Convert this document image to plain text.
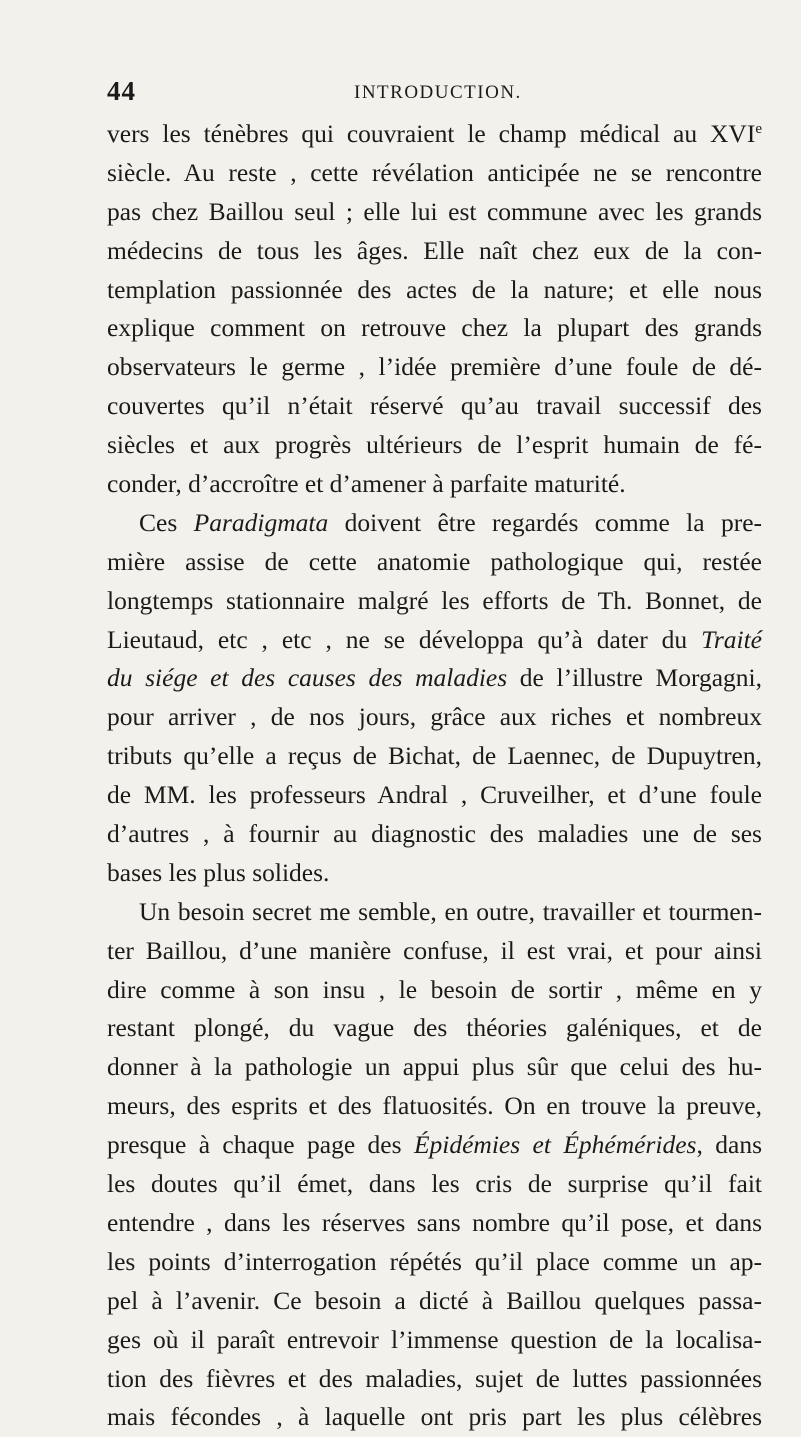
44	INTRODUCTION.
vers les ténèbres qui couvraient le champ médical au XVIe
siècle. Au reste , cette révélation anticipée ne se rencontre
pas chez Baillou seul ; elle lui est commune avec les grands
médecins de tous les âges. Elle naît chez eux de la con-
templation passionnée des actes de la nature; et elle nous
explique comment on retrouve chez la plupart des grands
observateurs le germe , l’idée première d’une foule de dé-
couvertes qu’il n’était réservé qu’au travail successif des
siècles et aux progrès ultérieurs de l’esprit humain de fé-
conder, d’accroître et d’amener à parfaite maturité.
Ces Paradigmata doivent être regardés comme la pre-
mière assise de cette anatomie pathologique qui, restée
longtemps stationnaire malgré les efforts de Th. Bonnet, de
Lieutaud, etc , etc , ne se développa qu’à dater du Traité
du siége et des causes des maladies de l’illustre Morgagni,
pour arriver , de nos jours, grâce aux riches et nombreux
tributs qu’elle a reçus de Bichat, de Laennec, de Dupuytren,
de MM. les professeurs Andral , Cruveilher, et d’une foule
d’autres , à fournir au diagnostic des maladies une de ses
bases les plus solides.
Un besoin secret me semble, en outre, travailler et tourmen-
ter Baillou, d’une manière confuse, il est vrai, et pour ainsi
dire comme à son insu , le besoin de sortir , même en y
restant plongé, du vague des théories galéniques, et de
donner à la pathologie un appui plus sûr que celui des hu-
meurs, des esprits et des flatuosités. On en trouve la preuve,
presque à chaque page des Épidémies et Éphémérides, dans
les doutes qu’il émet, dans les cris de surprise qu’il fait
entendre , dans les réserves sans nombre qu’il pose, et dans
les points d’interrogation répétés qu’il place comme un ap-
pel à l’avenir. Ce besoin a dicté à Baillou quelques passa-
ges où il paraît entrevoir l’immense question de la localisa-
tion des fièvres et des maladies, sujet de luttes passionnées
mais fécondes , à laquelle ont pris part les plus célèbres
